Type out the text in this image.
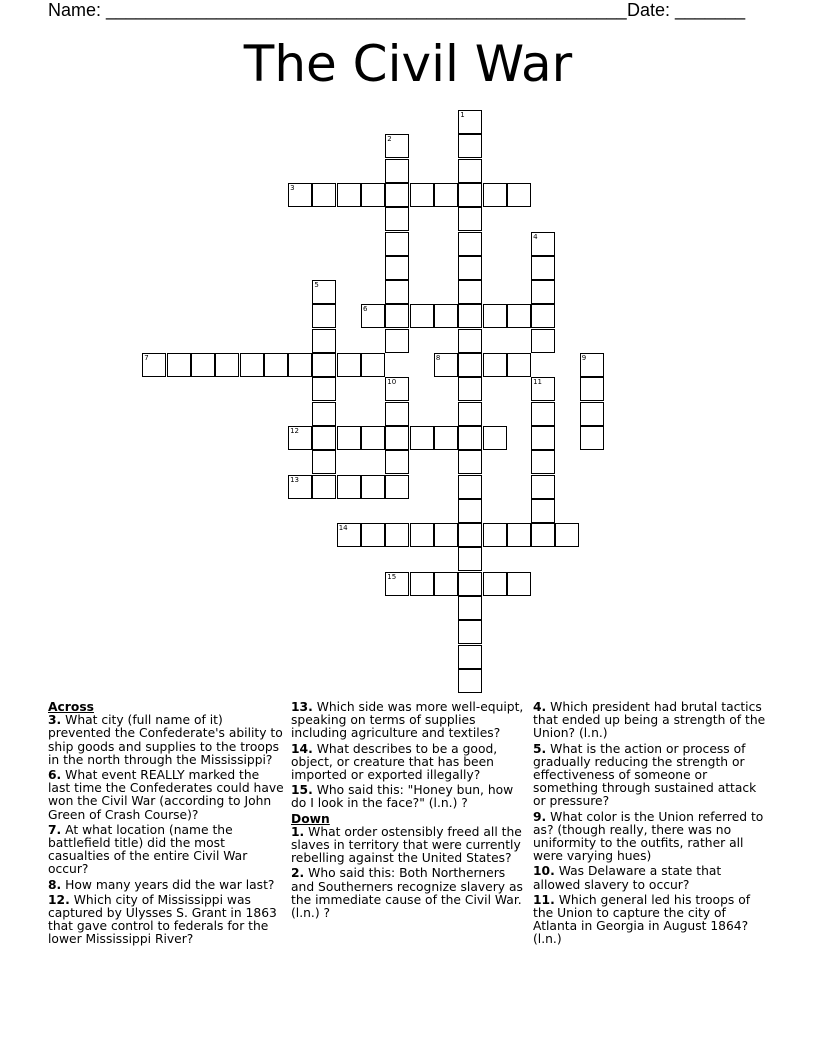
Name: ____________________________________________________ Date: _______
The Civil War
1
2
3
4
5
6
7	8	9
10	11
12
13
14
15
Across
3. What city (full name of it) prevented the Confederate's ability to ship goods and supplies to the troops in the north through the Mississippi?
6. What event REALLY marked the last time the Confederates could have won the Civil War (according to John Green of Crash Course)?
7. At what location (name the battlefield title) did the most casualties of the entire Civil War occur?
8. How many years did the war last?
12. Which city of Mississippi was captured by Ulysses S. Grant in 1863 that gave control to federals for the lower Mississippi River?
13. Which side was more well-equipt, speaking on terms of supplies including agriculture and textiles?
14. What describes to be a good, object, or creature that has been imported or exported illegally?
15. Who said this: "Honey bun, how do I look in the face?" (l.n.) ?
Down
1. What order ostensibly freed all the slaves in territory that were currently rebelling against the United States?
2. Who said this: Both Northerners and Southerners recognize slavery as the immediate cause of the Civil War. (l.n.) ?
4. Which president had brutal tactics that ended up being a strength of the Union? (l.n.)
5. What is the action or process of gradually reducing the strength or effectiveness of someone or something through sustained attack or pressure?
9. What color is the Union referred to as? (though really, there was no uniformity to the outfits, rather all were varying hues)
10. Was Delaware a state that allowed slavery to occur?
11. Which general led his troops of the Union to capture the city of Atlanta in Georgia in August 1864? (l.n.)
